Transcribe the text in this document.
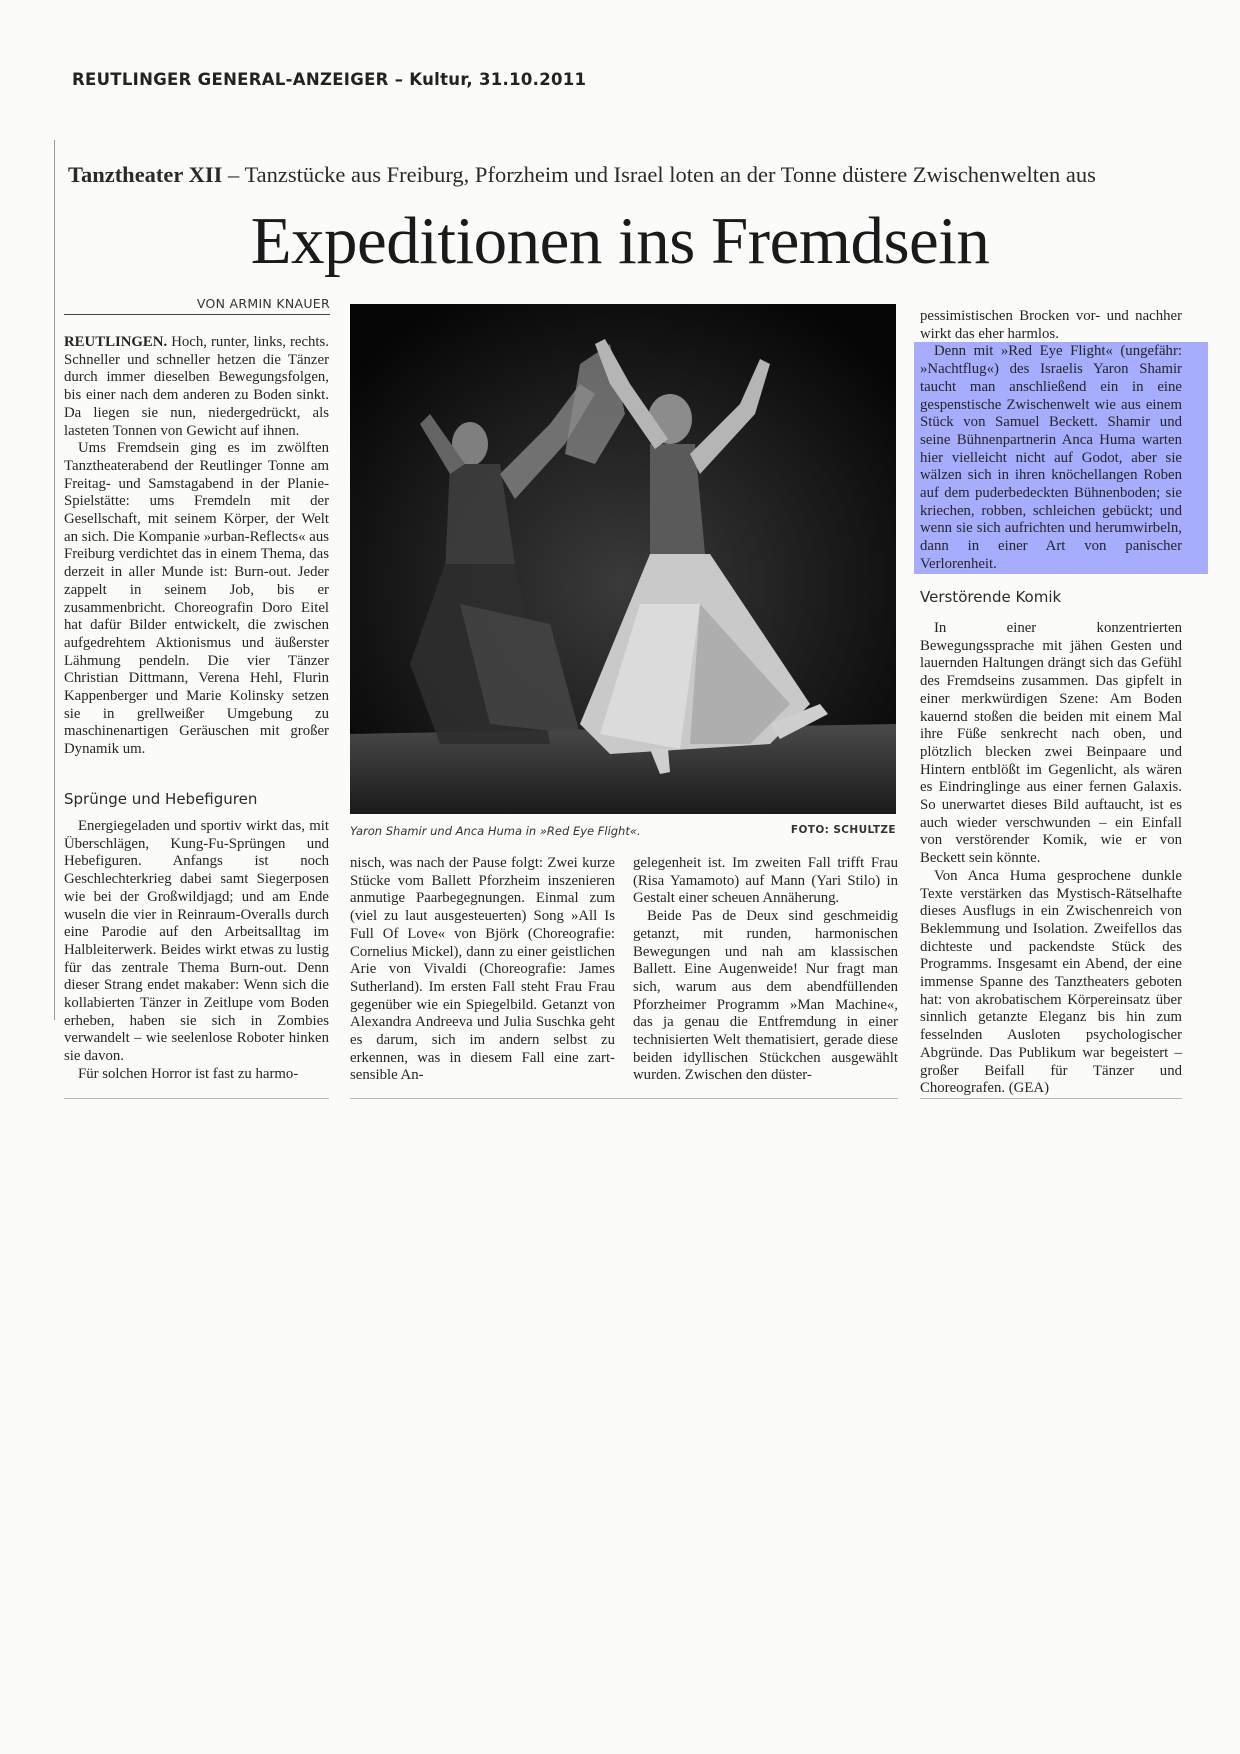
REUTLINGER GENERAL-ANZEIGER – Kultur, 31.10.2011
Tanztheater XII – Tanzstücke aus Freiburg, Pforzheim und Israel loten an der Tonne düstere Zwischenwelten aus
Expeditionen ins Fremdsein
VON ARMIN KNAUER

REUTLINGEN. Hoch, runter, links, rechts. Schneller und schneller hetzen die Tänzer durch immer dieselben Bewegungsfolgen, bis einer nach dem anderen zu Boden sinkt. Da liegen sie nun, niedergedrückt, als lasteten Tonnen von Gewicht auf ihnen.

Ums Fremdsein ging es im zwölften Tanztheaterabend der Reutlinger Tonne am Freitag- und Samstagabend in der Planie-Spielstätte: ums Fremdeln mit der Gesellschaft, mit seinem Körper, der Welt an sich. Die Kompanie »urban-Reflects« aus Freiburg verdichtet das in einem Thema, das derzeit in aller Munde ist: Burn-out. Jeder zappelt in seinem Job, bis er zusammenbricht. Choreografin Doro Eitel hat dafür Bilder entwickelt, die zwischen aufgedrehtem Aktionismus und äußerster Lähmung pendeln. Die vier Tänzer Christian Dittmann, Verena Hehl, Flurin Kappenberger und Marie Kolinsky setzen sie in grellweißer Umgebung zu maschinenartigen Geräuschen mit großer Dynamik um.

Sprünge und Hebefiguren

Energiegeladen und sportiv wirkt das, mit Überschlägen, Kung-Fu-Sprüngen und Hebefiguren. Anfangs ist noch Geschlechterkrieg dabei samt Siegerposen wie bei der Großwildjagd; und am Ende wuseln die vier in Reinraum-Overalls durch eine Parodie auf den Arbeitsalltag im Halbleiterwerk. Beides wirkt etwas zu lustig für das zentrale Thema Burn-out. Denn dieser Strang endet makaber: Wenn sich die kollabierten Tänzer in Zeitlupe vom Boden erheben, haben sie sich in Zombies verwandelt – wie seelenlose Roboter hinken sie davon.

Für solchen Horror ist fast zu harmo-

Yaron Shamir und Anca Huma in »Red Eye Flight«.	FOTO: SCHULTZE

nisch, was nach der Pause folgt: Zwei kurze Stücke vom Ballett Pforzheim inszenieren anmutige Paarbegegnungen. Einmal zum (viel zu laut ausgesteuerten) Song »All Is Full Of Love« von Björk (Choreografie: Cornelius Mickel), dann zu einer geistlichen Arie von Vivaldi (Choreografie: James Sutherland). Im ersten Fall steht Frau Frau gegenüber wie ein Spiegelbild. Getanzt von Alexandra Andreeva und Julia Suschka geht es darum, sich im andern selbst zu erkennen, was in diesem Fall eine zart-sensible An-

gelegenheit ist. Im zweiten Fall trifft Frau (Risa Yamamoto) auf Mann (Yari Stilo) in Gestalt einer scheuen Annäherung.

Beide Pas de Deux sind geschmeidig getanzt, mit runden, harmonischen Bewegungen und nah am klassischen Ballett. Eine Augenweide! Nur fragt man sich, warum aus dem abendfüllenden Pforzheimer Programm »Man Machine«, das ja genau die Entfremdung in einer technisierten Welt thematisiert, gerade diese beiden idyllischen Stückchen ausgewählt wurden. Zwischen den düster-

pessimistischen Brocken vor- und nachher wirkt das eher harmlos.

Denn mit »Red Eye Flight« (ungefähr: »Nachtflug«) des Israelis Yaron Shamir taucht man anschließend ein in eine gespenstische Zwischenwelt wie aus einem Stück von Samuel Beckett. Shamir und seine Bühnenpartnerin Anca Huma warten hier vielleicht nicht auf Godot, aber sie wälzen sich in ihren knöchellangen Roben auf dem puderbedeckten Bühnenboden; sie kriechen, robben, schleichen gebückt; und wenn sie sich aufrichten und herumwirbeln, dann in einer Art von panischer Verlorenheit.

Verstörende Komik

In einer konzentrierten Bewegungssprache mit jähen Gesten und lauernden Haltungen drängt sich das Gefühl des Fremdseins zusammen. Das gipfelt in einer merkwürdigen Szene: Am Boden kauernd stoßen die beiden mit einem Mal ihre Füße senkrecht nach oben, und plötzlich blecken zwei Beinpaare und Hintern entblößt im Gegenlicht, als wären es Eindringlinge aus einer fernen Galaxis. So unerwartet dieses Bild auftaucht, ist es auch wieder verschwunden – ein Einfall von verstörender Komik, wie er von Beckett sein könnte.

Von Anca Huma gesprochene dunkle Texte verstärken das Mystisch-Rätselhafte dieses Ausflugs in ein Zwischenreich von Beklemmung und Isolation. Zweifellos das dichteste und packendste Stück des Programms. Insgesamt ein Abend, der eine immense Spanne des Tanztheaters geboten hat: von akrobatischem Körpereinsatz über sinnlich getanzte Eleganz bis hin zum fesselnden Ausloten psychologischer Abgründe. Das Publikum war begeistert – großer Beifall für Tänzer und Choreografen. (GEA)
